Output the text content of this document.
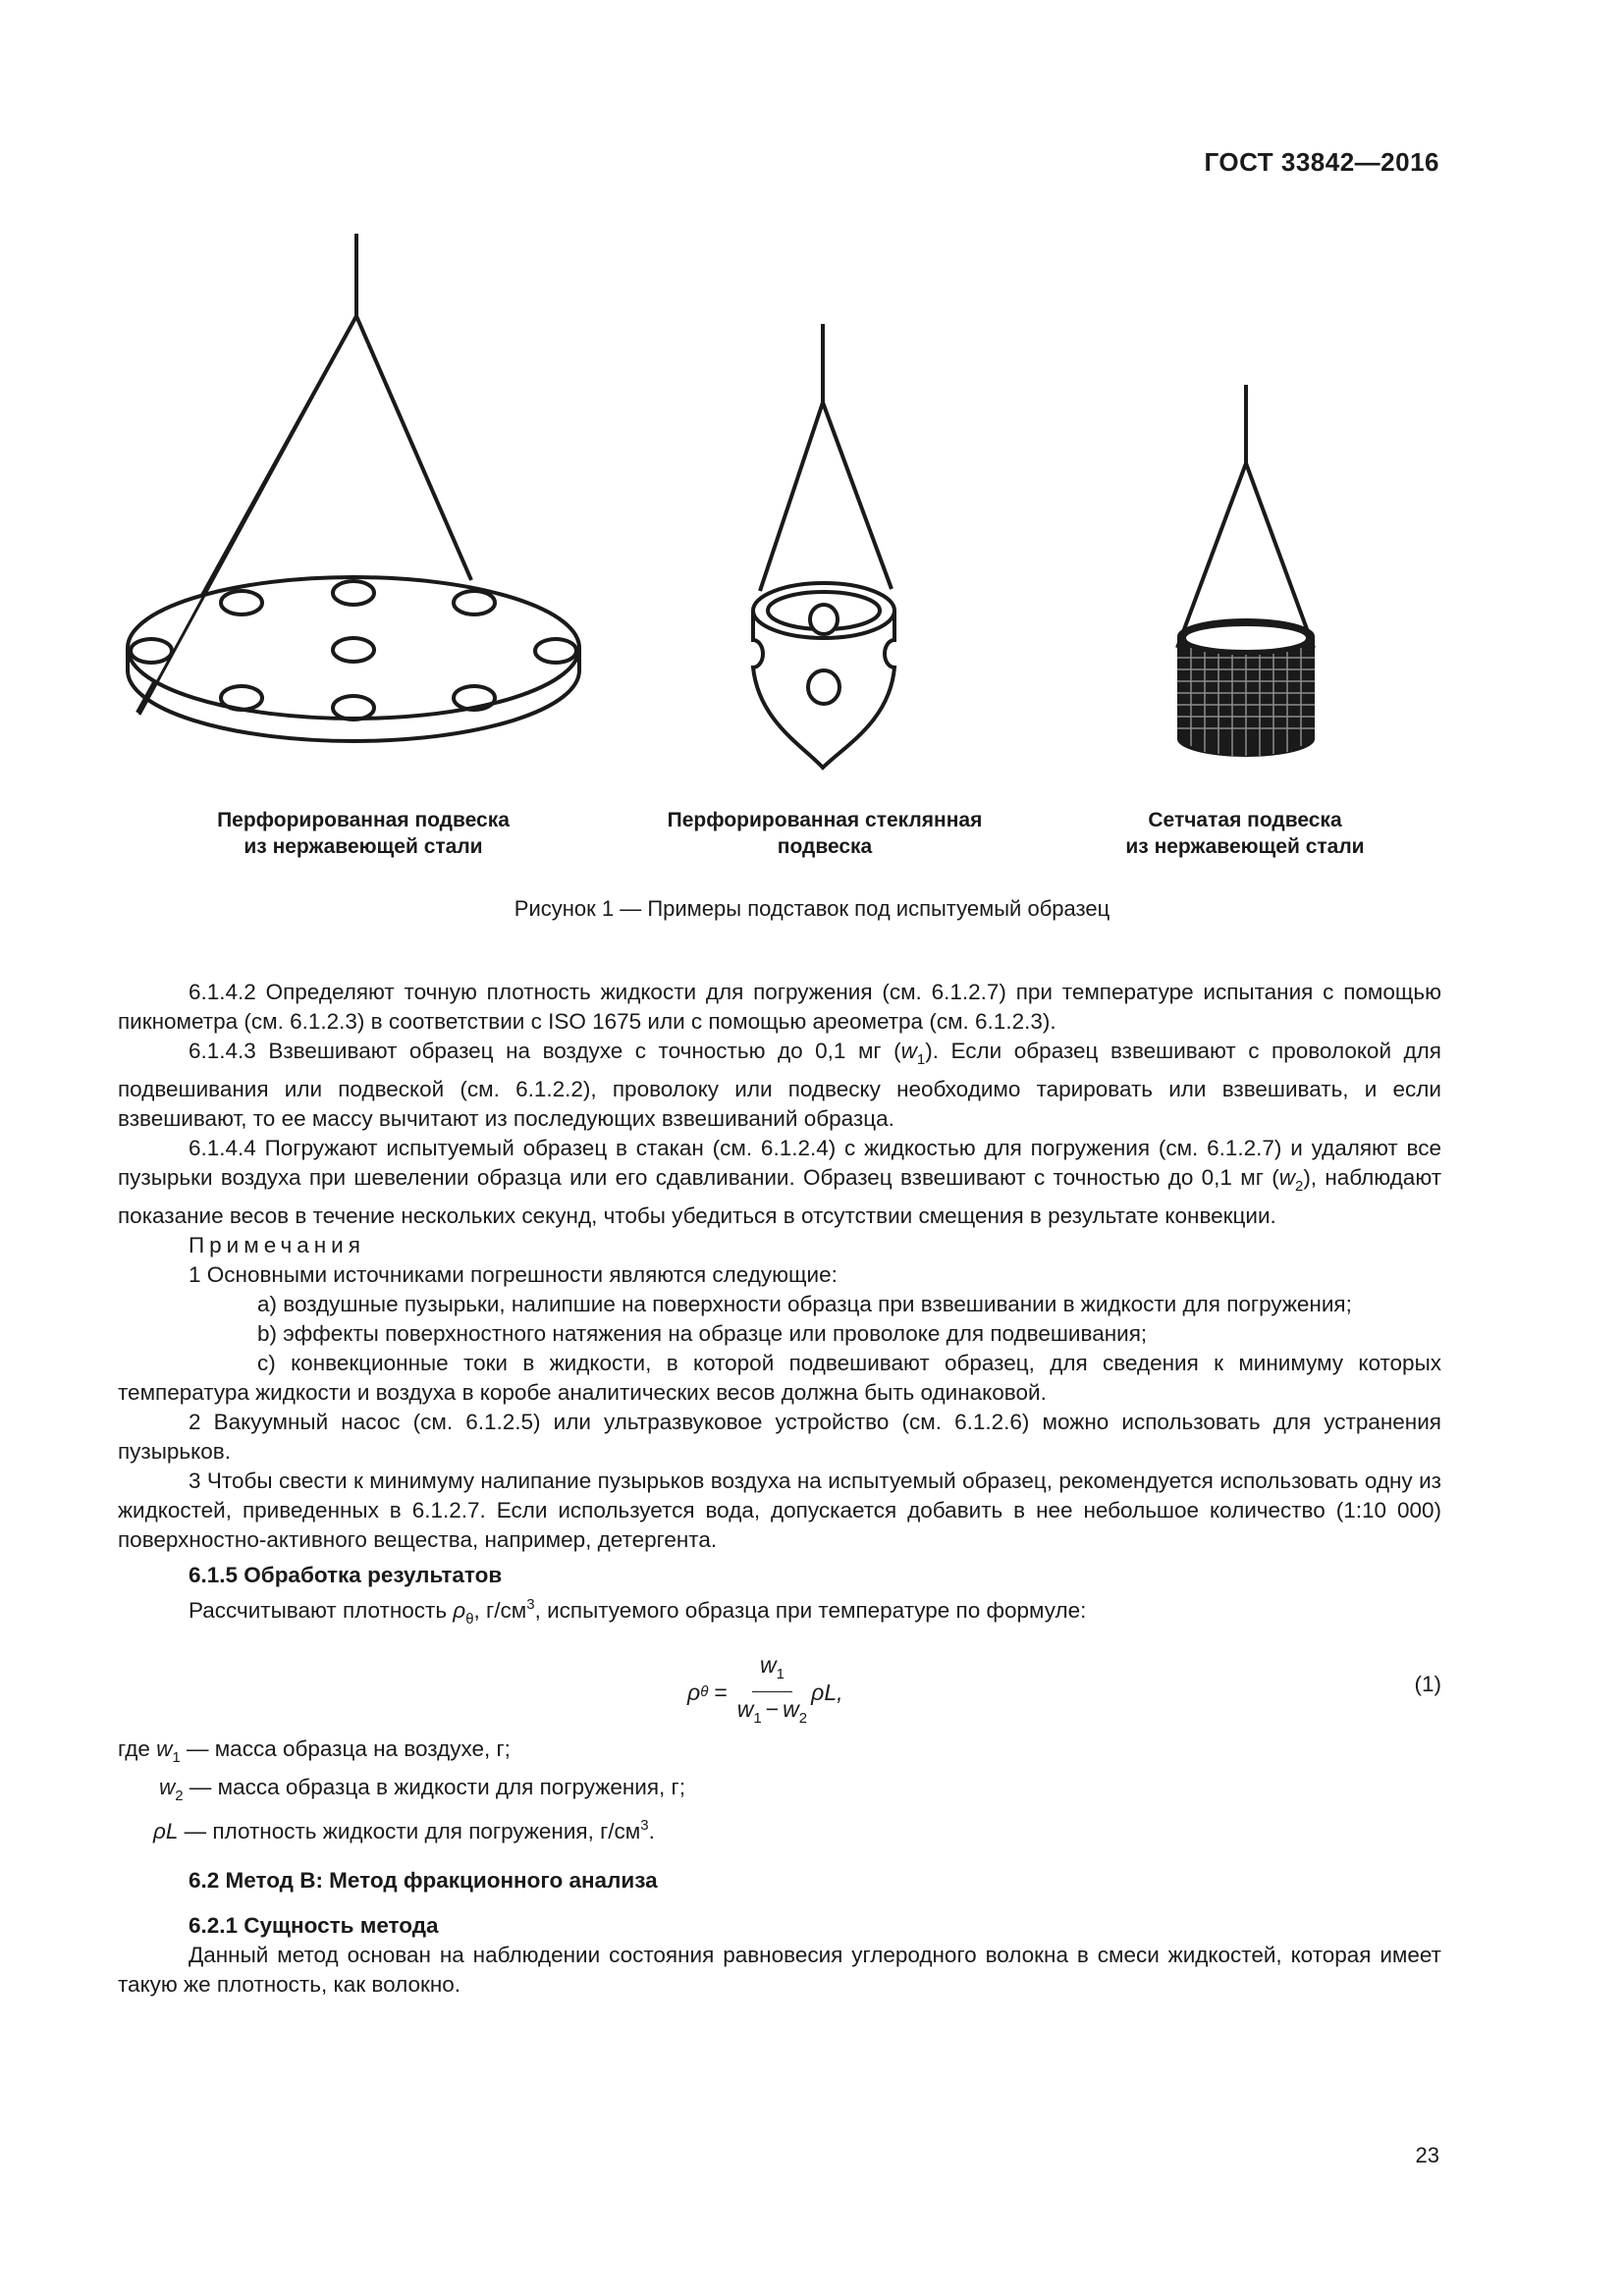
ГОСТ 33842—2016
Перфорированная подвеска
из нержавеющей стали
Перфорированная стеклянная
подвеска
Сетчатая подвеска
из нержавеющей стали
Рисунок 1 — Примеры подставок под испытуемый образец

6.1.4.2 Определяют точную плотность жидкости для погружения (см. 6.1.2.7) при температуре испытания с помощью пикнометра (см. 6.1.2.3) в соответствии с ISO 1675 или с помощью ареометра (см. 6.1.2.3).

6.1.4.3 Взвешивают образец на воздухе с точностью до 0,1 мг $(w_1)$. Если образец взвешивают с проволокой для подвешивания или подвеской (см. 6.1.2.2), проволоку или подвеску необходимо тарировать или взвешивать, и если взвешивают, то ее массу вычитают из последующих взвешиваний образца.

6.1.4.4 Погружают испытуемый образец в стакан (см. 6.1.2.4) с жидкостью для погружения (см. 6.1.2.7) и удаляют все пузырьки воздуха при шевелении образца или его сдавливании. Образец взвешивают с точностью до 0,1 мг $(w_2)$, наблюдают показание весов в течение нескольких секунд, чтобы убедиться в отсутствии смещения в результате конвекции.

Примечания

1 Основными источниками погрешности являются следующие:

a) воздушные пузырьки, налипшие на поверхности образца при взвешивании в жидкости для погружения;

b) эффекты поверхностного натяжения на образце или проволоке для подвешивания;

c) конвекционные токи в жидкости, в которой подвешивают образец, для сведения к минимуму которых температура жидкости и воздуха в коробе аналитических весов должна быть одинаковой.

2 Вакуумный насос (см. 6.1.2.5) или ультразвуковое устройство (см. 6.1.2.6) можно использовать для устранения пузырьков.

3 Чтобы свести к минимуму налипание пузырьков воздуха на испытуемый образец, рекомендуется использовать одну из жидкостей, приведенных в 6.1.2.7. Если используется вода, допускается добавить в нее небольшое количество (1:10 000) поверхностно-активного вещества, например, детергента.

6.1.5 Обработка результатов

Рассчитывают плотность $\rho_\theta$, $г/см^3$, испытуемого образца при температуре по формуле:

ρ $\theta = \frac{w_1}{w_1 - w_2} \rho L$,	(1)
где $w_1$ — масса образца на воздухе, г;
$w_2$ — масса образца в жидкости для погружения, г;
ρL — плотность жидкости для погружения, $г/см^3$.

6.2 Метод В: Метод фракционного анализа

6.2.1 Сущность метода

Данный метод основан на наблюдении состояния равновесия углеродного волокна в смеси жидкостей, которая имеет такую же плотность, как волокно.

23
